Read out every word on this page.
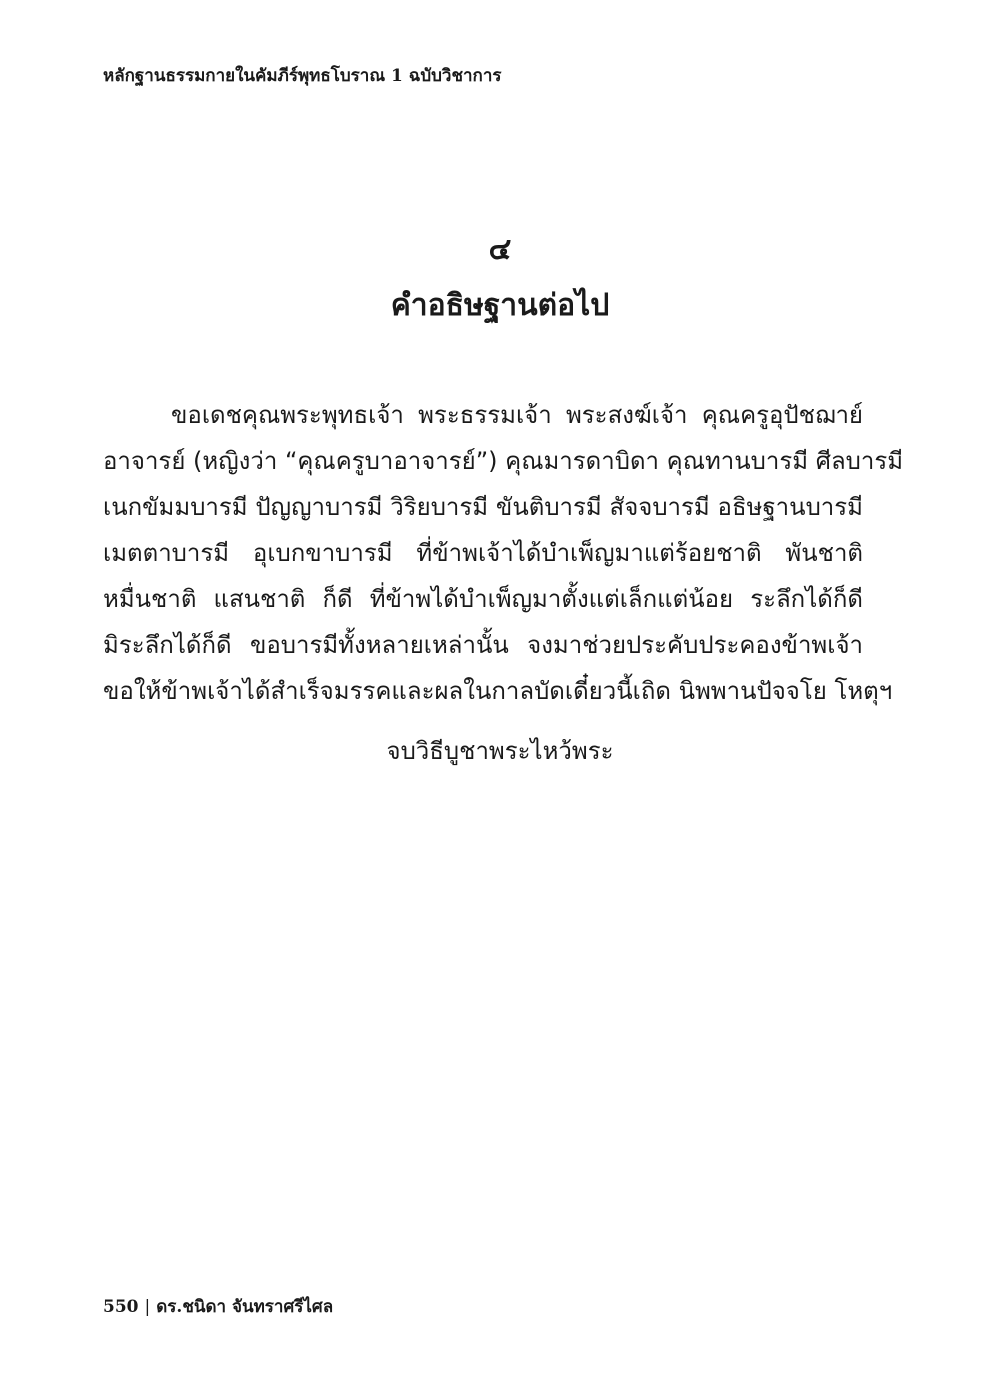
หลักฐานธรรมกายในคัมภีร์พุทธโบราณ 1 ฉบับวิชาการ
๔
คำอธิษฐานต่อไป
ขอเดชคุณพระพุทธเจ้า พระธรรมเจ้า พระสงฆ์เจ้า คุณครูอุปัชฌาย์
อาจารย์ (หญิงว่า “คุณครูบาอาจารย์”) คุณมารดาบิดา คุณทานบารมี ศีลบารมี
เนกขัมมบารมี ปัญญาบารมี วิริยบารมี ขันติบารมี สัจจบารมี อธิษฐานบารมี
เมตตาบารมี อุเบกขาบารมี ที่ข้าพเจ้าได้บำเพ็ญมาแต่ร้อยชาติ พันชาติ
หมื่นชาติ แสนชาติ ก็ดี ที่ข้าพได้บำเพ็ญมาตั้งแต่เล็กแต่น้อย ระลึกได้ก็ดี
มิระลึกได้ก็ดี ขอบารมีทั้งหลายเหล่านั้น จงมาช่วยประคับประคองข้าพเจ้า
ขอให้ข้าพเจ้าได้สำเร็จมรรคและผลในกาลบัดเดี๋ยวนี้เถิด นิพพานปัจจโย โหตุฯ
จบวิธีบูชาพระไหว้พระ
550 | ดร.ชนิดา จันทราศรีไศล
